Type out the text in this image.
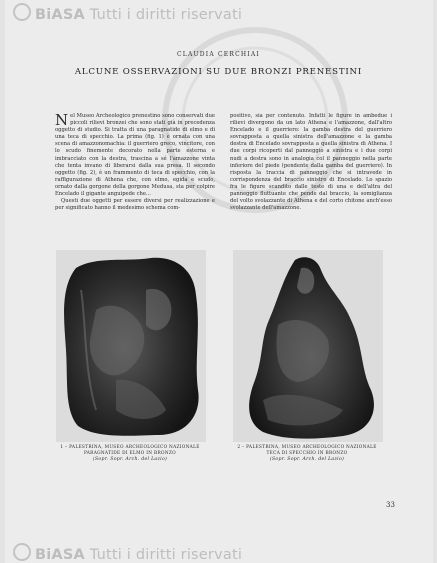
BiASA Tutti i diritti riservati
BiASA Tutti i diritti riservati
CLAUDIA CERCHIAI
ALCUNE OSSERVAZIONI SU DUE BRONZI PRENESTINI

Nel Museo Archeologico prenestino sono conservati due piccoli rilievi bronzei che sono stati già in precedenza oggetto di studio. Si tratta di una paragnatide di elmo e di una teca di specchio. La prima (fig. 1) è ornata con una scena di amazzonomachia: il guerriero greco, vincitore, con lo scudo finemente decorato nella parte esterna e imbracciato con la destra, trascina a sé l'amazzone vinta che tenta invano di liberarsi dalla sua presa. Il secondo oggetto (fig. 2), è un frammento di teca di specchio, con la raffigurazione di Athena che, con elmo, egida e scudo, ornato dalla gorgone della gorgone Medusa, sta per colpire Encelado il gigante anguipede che...

Questi due oggetti per essere diversi per realizzazione e per significato hanno il medesimo schema com-

positivo, sia per contenuto. Infatti le figure in ambedue i rilievi divergono da un lato Athena e l'amazzone, dall'altro Encelado e il guerriero: la gamba destra del guerriero sovrapposta a quella sinistra dell'amazzone e la gamba destra di Encelado sovrapposta a quella sinistra di Athena. I due corpi ricoperti dal panneggio a sinistra e i due corpi nudi a destra sono in analogia col il panneggio nella parte inferiore del piede (pendente dalla gamba del guerriero). In risposta la traccia di panneggio che si intravede in corrispondenza del braccio sinistro di Encelado. Lo spazio fra le figure scandito dalle teste di una e dell'altra del panneggio fluttuante che pende dal braccio, la somiglianza del volto svolazzante di Athena e del corto chitone anch'esso svolazzante dell'amazzone.

1 – PALESTRINA, MUSEO ARCHEOLOGICO NAZIONALE
PARAGNATIDE DI ELMO IN BRONZO
(Sopr. Sopr. Arch. del Lazio)
2 – PALESTRINA, MUSEO ARCHEOLOGICO NAZIONALE
TECA DI SPECCHIO IN BRONZO
(Sopr. Sopr. Arch. del Lazio)
33
